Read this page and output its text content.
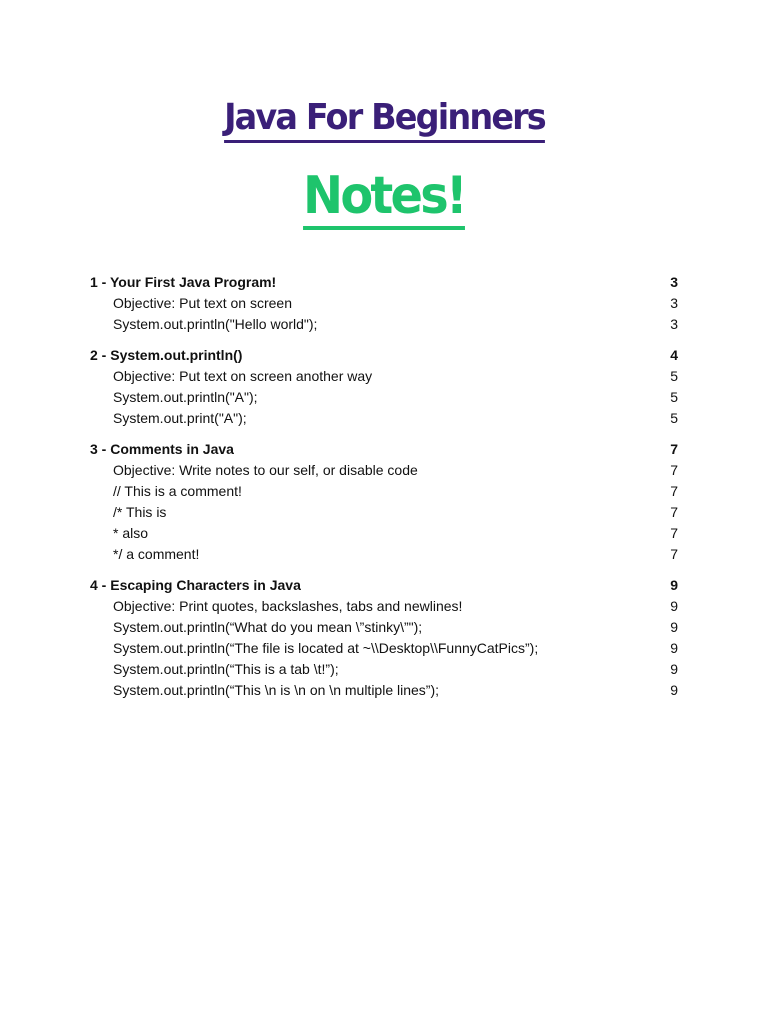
Java For Beginners
Notes!
1 - Your First Java Program!	3
Objective: Put text on screen	3
System.out.println("Hello world");	3
2 - System.out.println()	4
Objective: Put text on screen another way	5
System.out.println("A");	5
System.out.print("A");	5
3 - Comments in Java	7
Objective: Write notes to our self, or disable code	7
// This is a comment!	7
/* This is	7
* also	7
*/ a comment!	7
4 - Escaping Characters in Java	9
Objective: Print quotes, backslashes, tabs and newlines!	9
System.out.println(“What do you mean \”stinky\”");	9
System.out.println(“The file is located at ~\\Desktop\\FunnyCatPics”);	9
System.out.println(“This is a tab \t!”);	9
System.out.println(“This \n is \n on \n multiple lines”);	9
